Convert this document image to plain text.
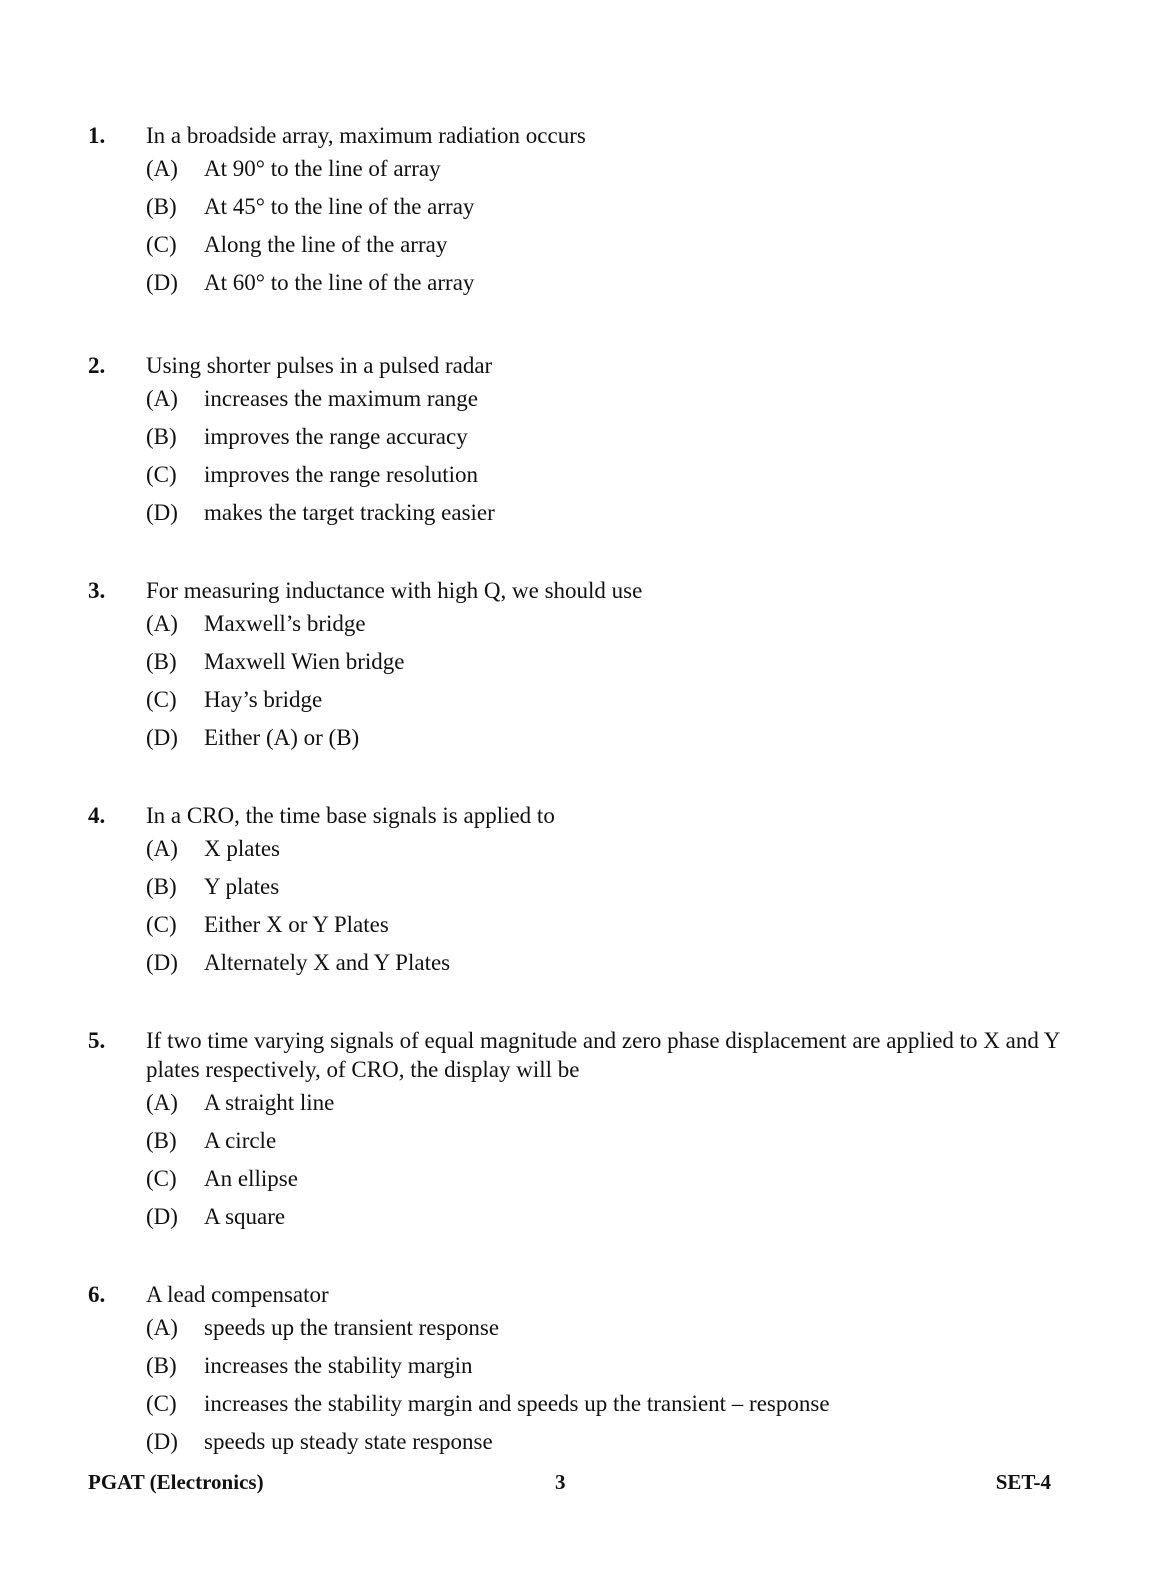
1.	In a broadside array, maximum radiation occurs
(A)	At 90° to the line of array
(B)	At 45° to the line of the array
(C)	Along the line of the array
(D)	At 60° to the line of the array
2.	Using shorter pulses in a pulsed radar
(A)	increases the maximum range
(B)	improves the range accuracy
(C)	improves the range resolution
(D)	makes the target tracking easier
3.	For measuring inductance with high Q, we should use
(A)	Maxwell’s bridge
(B)	Maxwell Wien bridge
(C)	Hay’s bridge
(D)	Either (A) or (B)
4.	In a CRO, the time base signals is applied to
(A)	X plates
(B)	Y plates
(C)	Either X or Y Plates
(D)	Alternately X and Y Plates
5.	If two time varying signals of equal magnitude and zero phase displacement are applied to X and Y plates respectively, of CRO, the display will be
(A)	A straight line
(B)	A circle
(C)	An ellipse
(D)	A square
6.	A lead compensator
(A)	speeds up the transient response
(B)	increases the stability margin
(C)	increases the stability margin and speeds up the transient – response
(D)	speeds up steady state response
PGAT (Electronics)	3	SET-4
